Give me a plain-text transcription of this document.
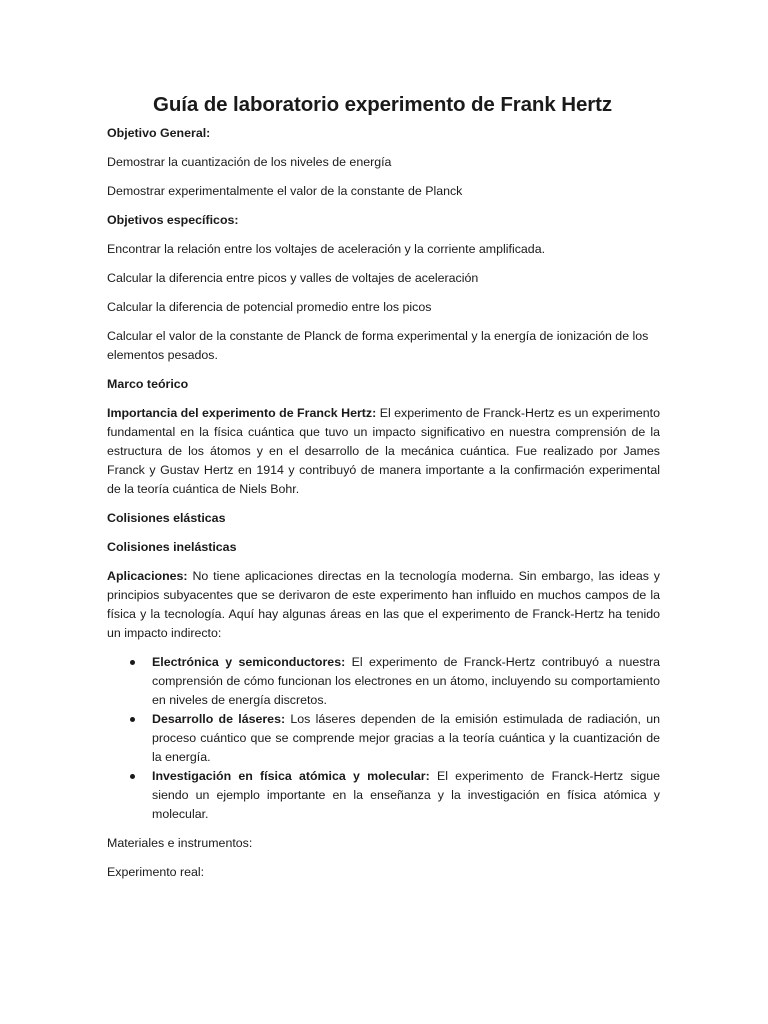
Guía de laboratorio experimento de Frank Hertz
Objetivo General:
Demostrar la cuantización de los niveles de energía
Demostrar experimentalmente el valor de la constante de Planck
Objetivos específicos:
Encontrar la relación entre los voltajes de aceleración y la corriente amplificada.
Calcular la diferencia entre picos y valles de voltajes de aceleración
Calcular la diferencia de potencial promedio entre los picos
Calcular el valor de la constante de Planck de forma experimental y la energía de ionización de los elementos pesados.
Marco teórico
Importancia del experimento de Franck Hertz: El experimento de Franck-Hertz es un experimento fundamental en la física cuántica que tuvo un impacto significativo en nuestra comprensión de la estructura de los átomos y en el desarrollo de la mecánica cuántica. Fue realizado por James Franck y Gustav Hertz en 1914 y contribuyó de manera importante a la confirmación experimental de la teoría cuántica de Niels Bohr.
Colisiones elásticas
Colisiones inelásticas
Aplicaciones: No tiene aplicaciones directas en la tecnología moderna. Sin embargo, las ideas y principios subyacentes que se derivaron de este experimento han influido en muchos campos de la física y la tecnología. Aquí hay algunas áreas en las que el experimento de Franck-Hertz ha tenido un impacto indirecto:
Electrónica y semiconductores: El experimento de Franck-Hertz contribuyó a nuestra comprensión de cómo funcionan los electrones en un átomo, incluyendo su comportamiento en niveles de energía discretos.
Desarrollo de láseres: Los láseres dependen de la emisión estimulada de radiación, un proceso cuántico que se comprende mejor gracias a la teoría cuántica y la cuantización de la energía.
Investigación en física atómica y molecular: El experimento de Franck-Hertz sigue siendo un ejemplo importante en la enseñanza y la investigación en física atómica y molecular.
Materiales e instrumentos:
Experimento real:
